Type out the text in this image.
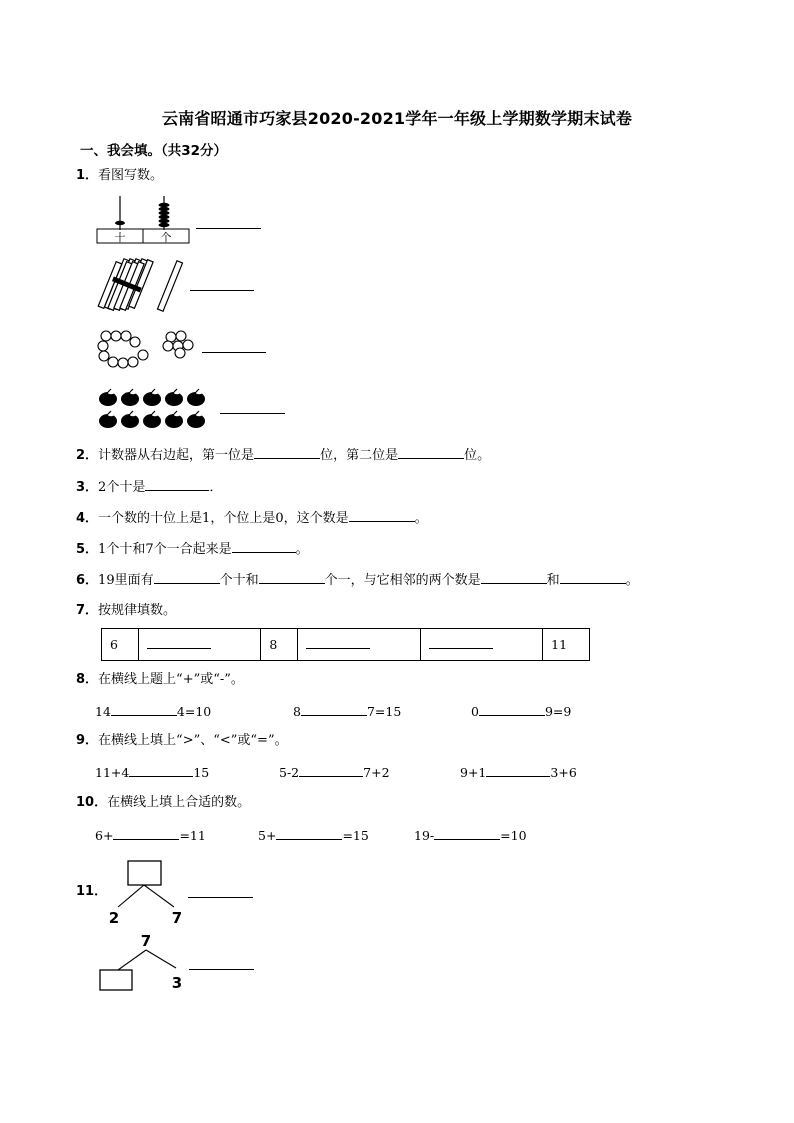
云南省昭通市巧家县2020-2021学年一年级上学期数学期末试卷
一、我会填。（共32分）
1．看图写数。
十	个
2．计数器从右边起，第一位是	位，第二位是	位。
3．2个十是	．
4．一个数的十位上是1，个位上是0，这个数是	。
5．1个十和7个一合起来是	。
6．19里面有	个十和	个一，与它相邻的两个数是	和	。
7．按规律填数。
6		8			11
8．在横线上题上“+”或“-”。
14	4=10	8	7=15	0	9=9
9．在横线上填上“>”、“<”或“=”。
11+4	15	5-2	7+2	9+1	3+6
10．在横线上填上合适的数。
6+	=11	5+	=15	19-	=10
11．
2	7
7
3
